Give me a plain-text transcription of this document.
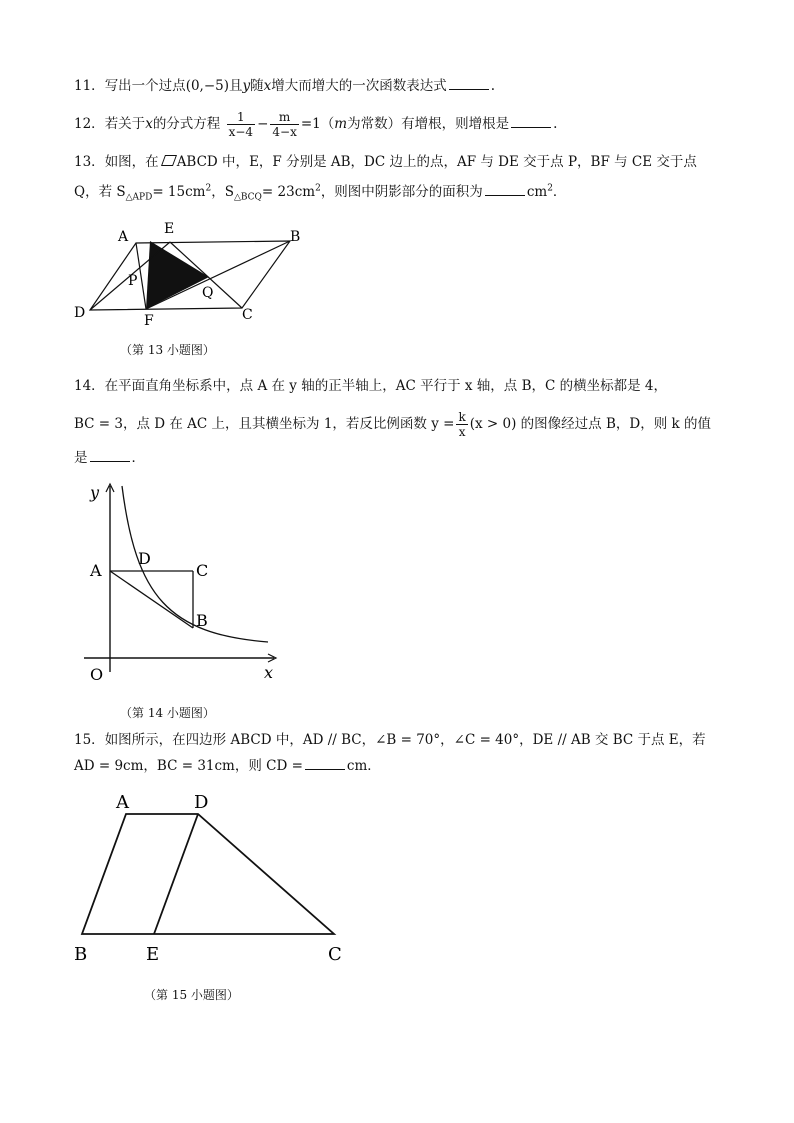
11．写出一个过点(0,−5)且y随x增大而增大的一次函数表达式	.
12．若关于x的分式方程 $\frac{1}{x-4} - \frac{m}{4-x} =1(m$为常数）有增根，则增根是	.
13．如图，在 ABCD 中，E，F 分别是 AB，DC 边上的点，AF 与 DE 交于点 P，BF 与 CE 交于点
Q，若 $S_{\triangle APD}= 15cm^2$，$S_{\triangle BCQ}= 23cm^2$，则图中阴影部分的面积为	$cm^2$．
A	E	B
P
Q
D	F	C
（第 13 小题图）
14．在平面直角坐标系中，点 A 在 y 轴的正半轴上，AC 平行于 x 轴，点 B，C 的横坐标都是 4，
BC = 3，点 D 在 AC 上，且其横坐标为 1，若反比例函数 $y = \frac{k}{x} (x > 0)$ 的图像经过点 B，D，则 k 的值
是	．
y
A
D
C
B
O	x
（第 14 小题图）
15．如图所示，在四边形 ABCD 中，AD // BC，∠B = 70°，∠C = 40°，DE // AB 交 BC 于点 E，若
AD = 9cm，BC = 31cm，则 CD =	cm．
A	D
B	E	C
（第 15 小题图）
